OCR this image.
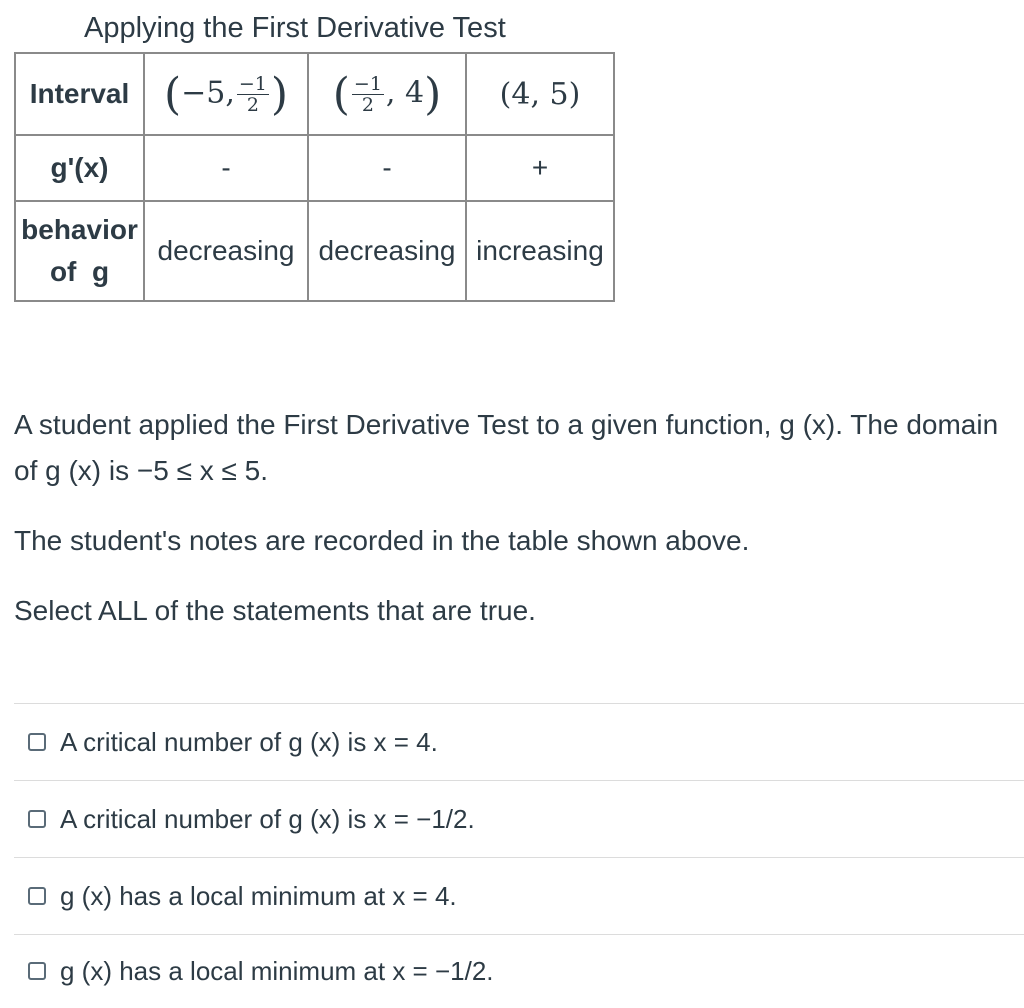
Applying the First Derivative Test
Interval	(−5, $\frac{-1}{2}$ )	( $\frac{-1}{2}$ , 4)	(4, 5)
g'(x)	-	-	+

behavior
of  g	decreasing	decreasing	increasing

A student applied the First Derivative Test to a given function, g (x). The domain of g (x) is −5 ≤ x ≤ 5.

The student's notes are recorded in the table shown above.

Select ALL of the statements that are true.

A critical number of g (x) is x = 4.
A critical number of g (x) is x = −1/2.
g (x) has a local minimum at x = 4.
g (x) has a local minimum at x = −1/2.
